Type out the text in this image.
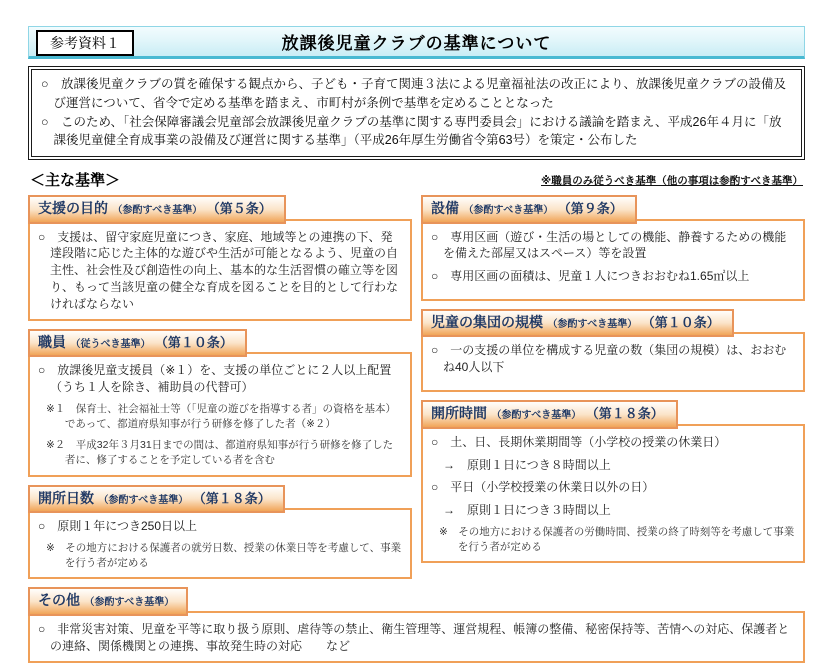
参考資料１	放課後児童クラブの基準について

○　放課後児童クラブの質を確保する観点から、子ども・子育て関連３法による児童福祉法の改正により、放課後児童クラブの設備及び運営について、省令で定める基準を踏まえ、市町村が条例で基準を定めることとなった

○　このため、「社会保障審議会児童部会放課後児童クラブの基準に関する専門委員会」における議論を踏まえ、平成26年４月に「放課後児童健全育成事業の設備及び運営に関する基準」（平成26年厚生労働省令第63号）を策定・公布した

＜主な基準＞	※職員のみ従うべき基準（他の事項は参酌すべき基準）
支援の目的 （参酌すべき基準） （第５条）

○　支援は、留守家庭児童につき、家庭、地域等との連携の下、発達段階に応じた主体的な遊びや生活が可能となるよう、児童の自主性、社会性及び創造性の向上、基本的な生活習慣の確立等を図り、もって当該児童の健全な育成を図ることを目的として行わなければならない

職員 （従うべき基準） （第１０条）

○　放課後児童支援員（※１）を、支援の単位ごとに２人以上配置（うち１人を除き、補助員の代替可）

※１　保育士、社会福祉士等（「児童の遊びを指導する者」の資格を基本）であって、都道府県知事が行う研修を修了した者（※２）

※２　平成32年３月31日までの間は、都道府県知事が行う研修を修了した者に、修了することを予定している者を含む

開所日数 （参酌すべき基準） （第１８条）

○　原則１年につき250日以上

※　その地方における保護者の就労日数、授業の休業日等を考慮して、事業を行う者が定める

設備 （参酌すべき基準） （第９条）

○　専用区画（遊び・生活の場としての機能、静養するための機能を備えた部屋又はスペース）等を設置

○　専用区画の面積は、児童１人につきおおむね1.65㎡以上

児童の集団の規模 （参酌すべき基準） （第１０条）

○　一の支援の単位を構成する児童の数（集団の規模）は、おおむね40人以下

開所時間 （参酌すべき基準） （第１８条）

○　土、日、長期休業期間等（小学校の授業の休業日）

→　原則１日につき８時間以上

○　平日（小学校授業の休業日以外の日）

→　原則１日につき３時間以上

※　その地方における保護者の労働時間、授業の終了時刻等を考慮して事業を行う者が定める

その他 （参酌すべき基準）

○　非常災害対策、児童を平等に取り扱う原則、虐待等の禁止、衛生管理等、運営規程、帳簿の整備、秘密保持等、苦情への対応、保護者との連絡、関係機関との連携、事故発生時の対応　　など
